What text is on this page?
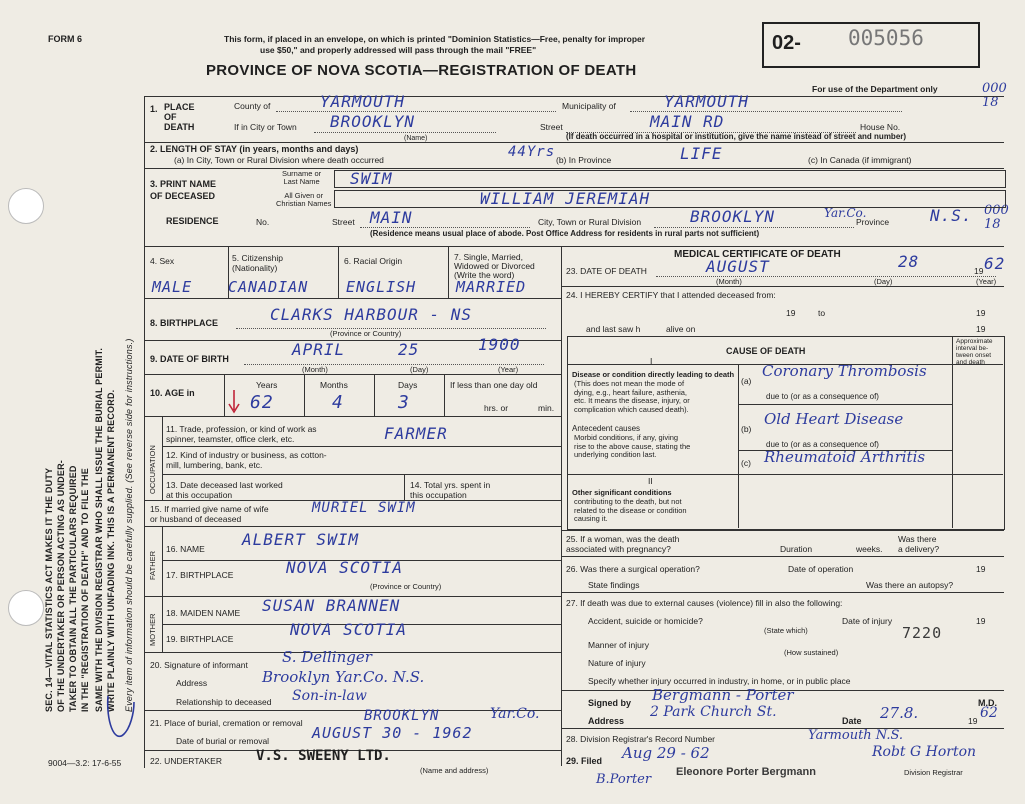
SEC. 14—VITAL STATISTICS ACT MAKES IT THE DUTY OF THE UNDERTAKER OR PERSON ACTING AS UNDER- TAKER TO OBTAIN ALL THE PARTICULARS REQUIRED IN THE "REGISTRATION OF DEATH" AND TO FILE THE SAME WITH THE DIVISION REGISTRAR WHO SHALL ISSUE THE BURIAL PERMIT. WRITE PLAINLY WITH UNFADING INK. THIS IS A PERMANENT RECORD. Every item of information should be carefully supplied. (See reverse side for instructions.)
FORM 6	This form, if placed in an envelope, on which is printed "Dominion Statistics—Free, penalty for improper
use $50," and properly addressed will pass through the mail "FREE"	02- 005056
PROVINCE OF NOVA SCOTIA—REGISTRATION OF DEATH
For use of the Department only	000
18
000
18
1. PLACE
OF
DEATH
County of	YARMOUTH	Municipality of	YARMOUTH
If in City or Town BROOKLYN
(Name)
Street	MAIN RD	House No.
(If death occurred in a hospital or institution, give the name instead of street and number)
2. LENGTH OF STAY (in years, months and days)
(a) In City, Town or Rural Division where death occurred	44Yrs (b) In Province	LIFE	(c) In Canada (if immigrant)
3. PRINT NAME
OF DECEASED
Surname or
Last Name SWIM
All Given or
Christian Names	WILLIAM JEREMIAH
RESIDENCE	No.	Street MAIN	City, Town or Rural Division	BROOKLYN	Yar.Co.
Province	N.S.
(Residence means usual place of abode. Post Office Address for residents in rural parts not sufficient)
4. Sex
MALE
5. Citizenship
(Nationality)
CANADIAN
6. Racial Origin
ENGLISH
7. Single, Married,
Widowed or Divorced
(Write the word)
MARRIED
8. BIRTHPLACE	CLARKS HARBOUR - NS
(Province or Country)
9. DATE OF BIRTH	APRIL	25	1900
(Month)	(Day)	(Year)
10. AGE in
Years
62
Months
4
Days
3
If less than one day old
hrs. or	min.
OCCUPATION
11. Trade, profession, or kind of work as
spinner, teamster, office clerk, etc.	FARMER
12. Kind of industry or business, as cotton-
mill, lumbering, bank, etc.
13. Date deceased last worked
at this occupation
14. Total yrs. spent in
this occupation
15. If married give name of wife
or husband of deceased
MURIEL SWIM
FATHER
16. NAME ALBERT SWIM
17. BIRTHPLACE	NOVA SCOTIA
(Province or Country)
MOTHER
18. MAIDEN NAME SUSAN BRANNEN
19. BIRTHPLACE	NOVA SCOTIA
20. Signature of informant S. Dellinger
Address	Brooklyn Yar.Co. N.S.
Relationship to deceased Son-in-law
21. Place of burial, cremation or removal	BROOKLYN	Yar.Co.
Date of burial or removal	AUGUST 30 - 1962
22. UNDERTAKER V.S. SWEENY LTD.
(Name and address)
MEDICAL CERTIFICATE OF DEATH
23. DATE OF DEATH	AUGUST	28	19 62
(Month)	(Day)	(Year)
24. I HEREBY CERTIFY that I attended deceased from:
19	to	19
and last saw h	alive on	19
CAUSE OF DEATH
Approximate
interval be-
tween onset
and death
I
Disease or condition directly leading to death
(This does not mean the mode of
dying, e.g., heart failure, asthenia,
etc. It means the disease, injury, or
complication which caused death).
(a)
Coronary Thrombosis
due to (or as a consequence of)
Antecedent causes
Morbid conditions, if any, giving
rise to the above cause, stating the
underlying condition last.
(b)
Old Heart Disease
due to (or as a consequence of)
(c) Rheumatoid Arthritis
II
Other significant conditions
contributing to the death, but not
related to the disease or condition
causing it.
25. If a woman, was the death
associated with pregnancy?	Duration	weeks.
Was there
a delivery?
26. Was there a surgical operation?	Date of operation	19
State findings	Was there an autopsy?
27. If death was due to external causes (violence) fill in also the following:
Accident, suicide or homicide?
(State which)
Date of injury	19
7220
Manner of injury
(How sustained)
Nature of injury
Specify whether injury occurred in industry, in home, or in public place
Signed by Bergmann - Porter	M.D.
Address
2 Park Church St.
Date 27.8.	19 62
28. Division Registrar's Record Number	Yarmouth N.S.
29. Filed Aug 29 - 62	Robt G Horton
Division Registrar
Eleonore Porter Bergmann
B.Porter
9004—3.2: 17-6-55
